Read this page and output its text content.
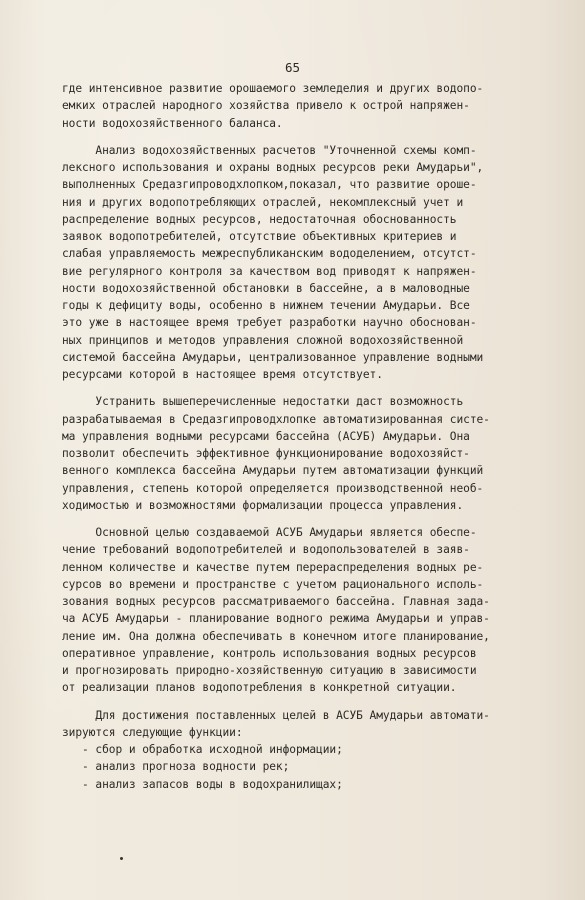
65
где интенсивное развитие орошаемого земледелия и других водопо-
емких отраслей народного хозяйства привело к острой напряжен-
ности водохозяйственного баланса.
Анализ водохозяйственных расчетов "Уточненной схемы комп-
лексного использования и охраны водных ресурсов реки Амударьи",
выполненных Средазгипроводхлопком,показал, что развитие ороше-
ния и других водопотребляющих отраслей, некомплексный учет и
распределение водных ресурсов, недостаточная обоснованность
заявок водопотребителей, отсутствие объективных критериев и
слабая управляемость межреспубликанским вододелением, отсутст-
вие регулярного контроля за качеством вод приводят к напряжен-
ности водохозяйственной обстановки в бассейне, а в маловодные
годы к дефициту воды, особенно в нижнем течении Амударьи. Все
это уже в настоящее время требует разработки научно обоснован-
ных принципов и методов управления сложной водохозяйственной
системой бассейна Амударьи, централизованное управление водными
ресурсами которой в настоящее время отсутствует.
Устранить вышеперечисленные недостатки даст возможность
разрабатываемая в Средазгипроводхлопке автоматизированная систе-
ма управления водными ресурсами бассейна (АСУБ) Амударьи. Она
позволит обеспечить эффективное функционирование водохозяйст-
венного комплекса бассейна Амударьи путем автоматизации функций
управления, степень которой определяется производственной необ-
ходимостью и возможностями формализации процесса управления.
Основной целью создаваемой АСУБ Амударьи является обеспе-
чение требований водопотребителей и водопользователей в заяв-
ленном количестве и качестве путем перераспределения водных ре-
сурсов во времени и пространстве с учетом рационального исполь-
зования водных ресурсов рассматриваемого бассейна. Главная зада-
ча АСУБ Амударьи - планирование водного режима Амударьи и управ-
ление им. Она должна обеспечивать в конечном итоге планирование,
оперативное управление, контроль использования водных ресурсов
и прогнозировать природно-хозяйственную ситуацию в зависимости
от реализации планов водопотребления в конкретной ситуации.
Для достижения поставленных целей в АСУБ Амударьи автомати-
зируются следующие функции:
- сбор и обработка исходной информации;
- анализ прогноза водности рек;
- анализ запасов воды в водохранилищах;
